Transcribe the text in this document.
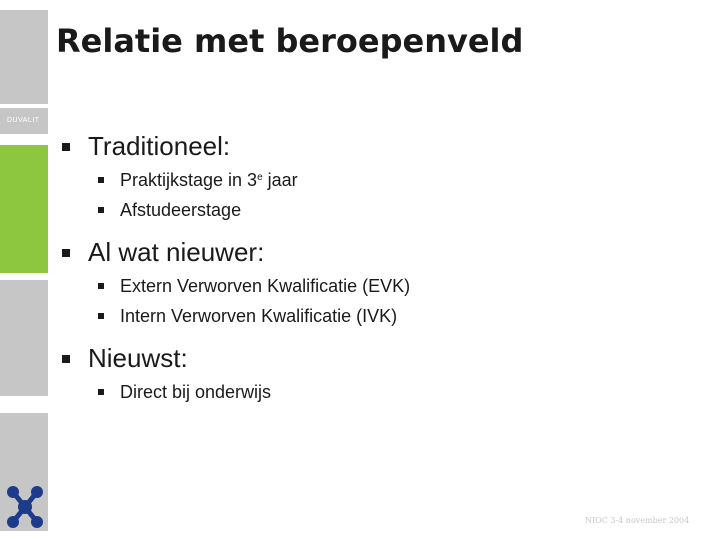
DUVALIT
Relatie met beroepenveld
Traditioneel:
Praktijkstage in 3e jaar
Afstudeerstage
Al wat nieuwer:
Extern Verworven Kwalificatie (EVK)
Intern Verworven Kwalificatie (IVK)
Nieuwst:
Direct bij onderwijs
NIOC 3-4 november 2004
